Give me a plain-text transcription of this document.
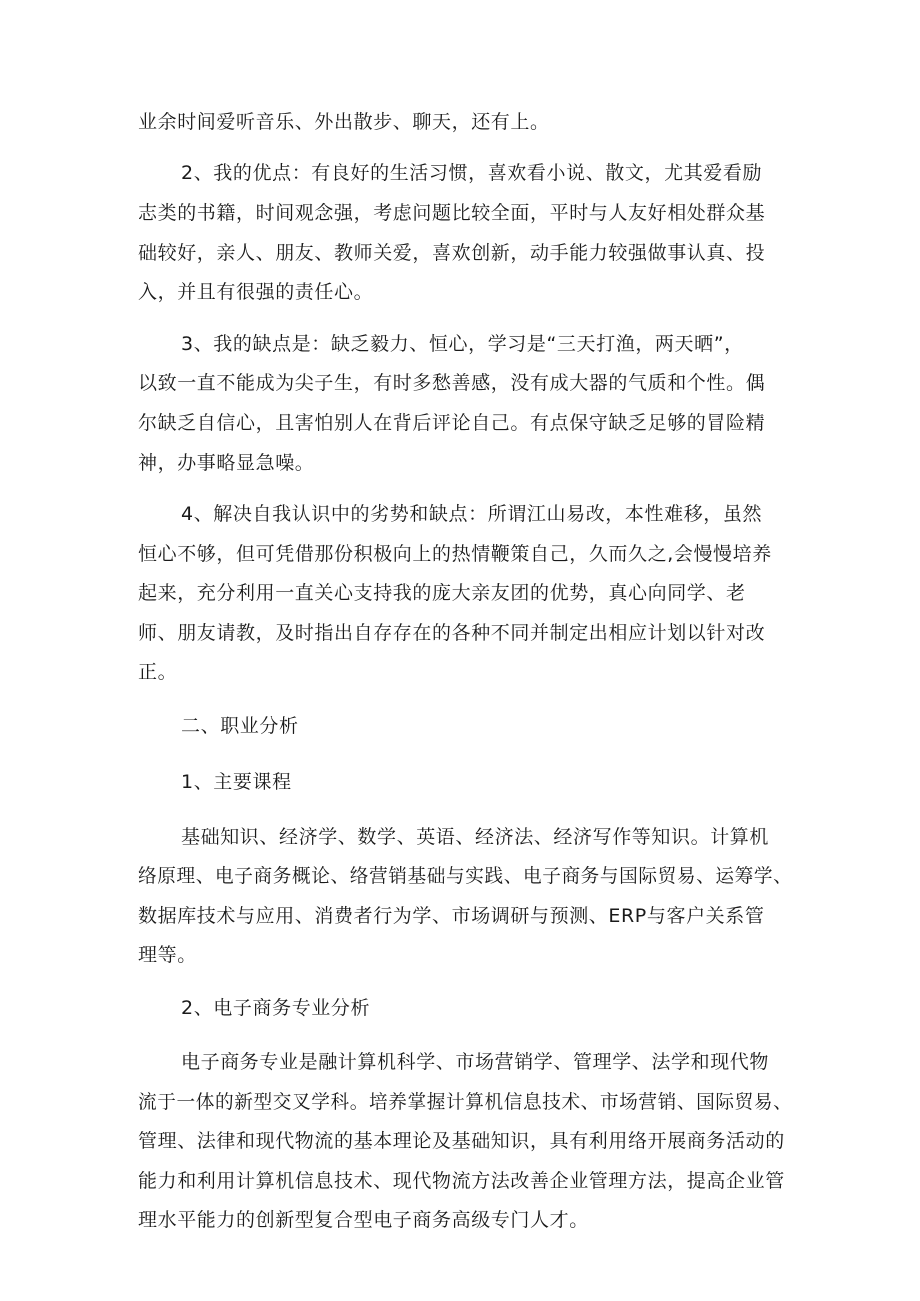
业余时间爱听音乐、外出散步、聊天，还有上。

2、我的优点：有良好的生活习惯，喜欢看小说、散文，尤其爱看励

志类的书籍，时间观念强，考虑问题比较全面，平时与人友好相处群众基

础较好，亲人、朋友、教师关爱，喜欢创新，动手能力较强做事认真、投

入，并且有很强的责任心。

3、我的缺点是：缺乏毅力、恒心，学习是“三天打渔，两天晒”，

以致一直不能成为尖子生，有时多愁善感，没有成大器的气质和个性。偶

尔缺乏自信心，且害怕别人在背后评论自己。有点保守缺乏足够的冒险精

神，办事略显急噪。

4、解决自我认识中的劣势和缺点：所谓江山易改，本性难移，虽然

恒心不够，但可凭借那份积极向上的热情鞭策自己，久而久之,会慢慢培养

起来，充分利用一直关心支持我的庞大亲友团的优势，真心向同学、老

师、朋友请教，及时指出自存存在的各种不同并制定出相应计划以针对改

正。

二、职业分析

1、主要课程

基础知识、经济学、数学、英语、经济法、经济写作等知识。计算机

络原理、电子商务概论、络营销基础与实践、电子商务与国际贸易、运筹学、

数据库技术与应用、消费者行为学、市场调研与预测、ERP与客户关系管

理等。

2、电子商务专业分析

电子商务专业是融计算机科学、市场营销学、管理学、法学和现代物

流于一体的新型交叉学科。培养掌握计算机信息技术、市场营销、国际贸易、

管理、法律和现代物流的基本理论及基础知识，具有利用络开展商务活动的

能力和利用计算机信息技术、现代物流方法改善企业管理方法，提高企业管

理水平能力的创新型复合型电子商务高级专门人才。
